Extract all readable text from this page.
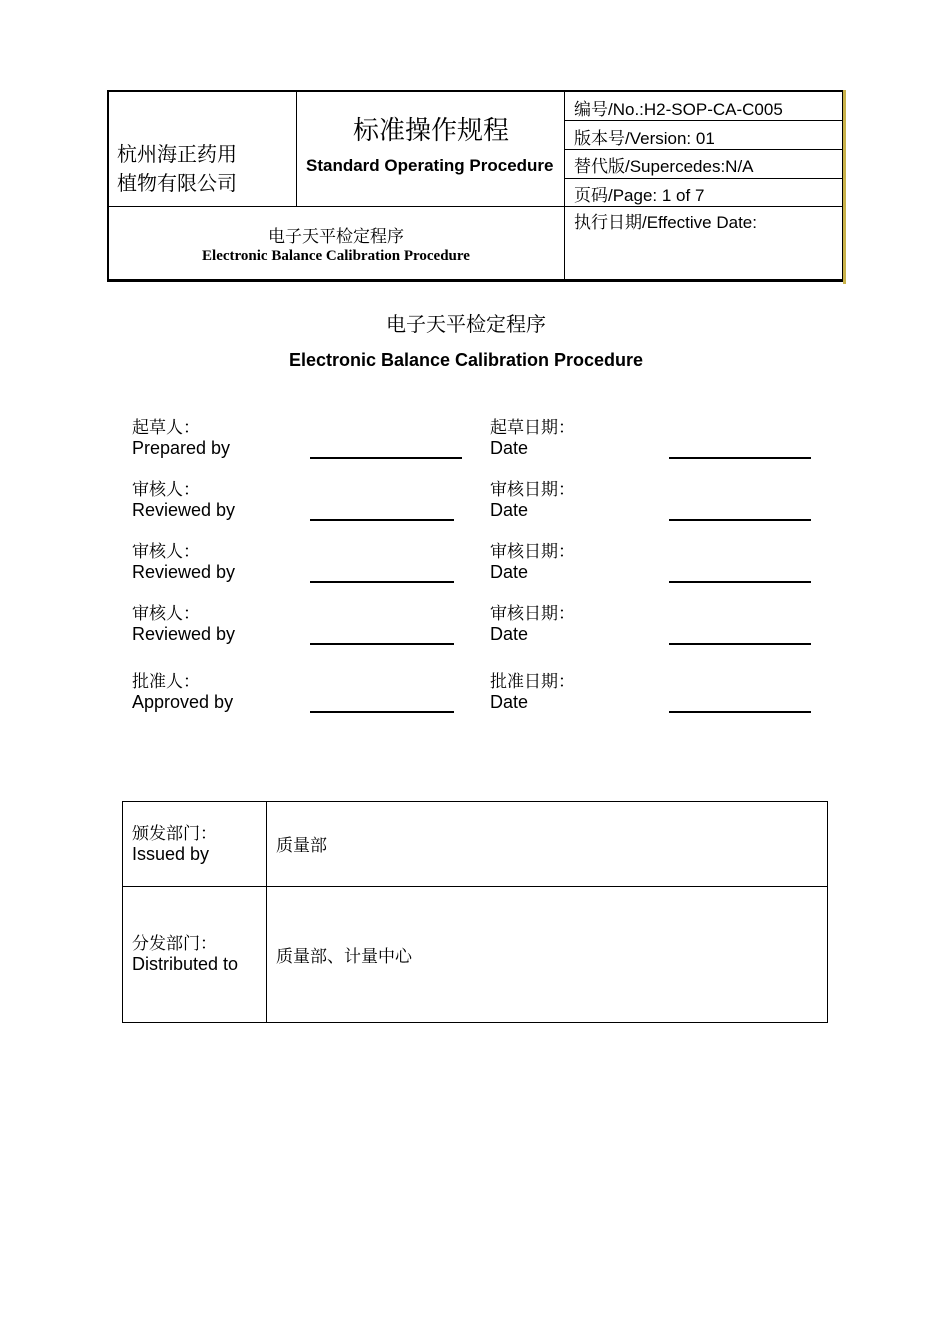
杭州海正药用
植物有限公司
标准操作规程
Standard Operating Procedure
编号/No.:H2-SOP-CA-C005
版本号/Version: 01
替代版/Supercedes:N/A
页码/Page: 1 of 7
执行日期/Effective Date:
电子天平检定程序
Electronic Balance Calibration Procedure
电子天平检定程序
Electronic Balance Calibration Procedure
起草人：
Prepared by
起草日期：
Date
审核人：
Reviewed by
审核日期：
Date
审核人：
Reviewed by
审核日期：
Date
审核人：
Reviewed by
审核日期：
Date
批准人：
Approved by
批准日期：
Date
颁发部门：
Issued by	质量部
分发部门：
Distributed to 质量部、计量中心
